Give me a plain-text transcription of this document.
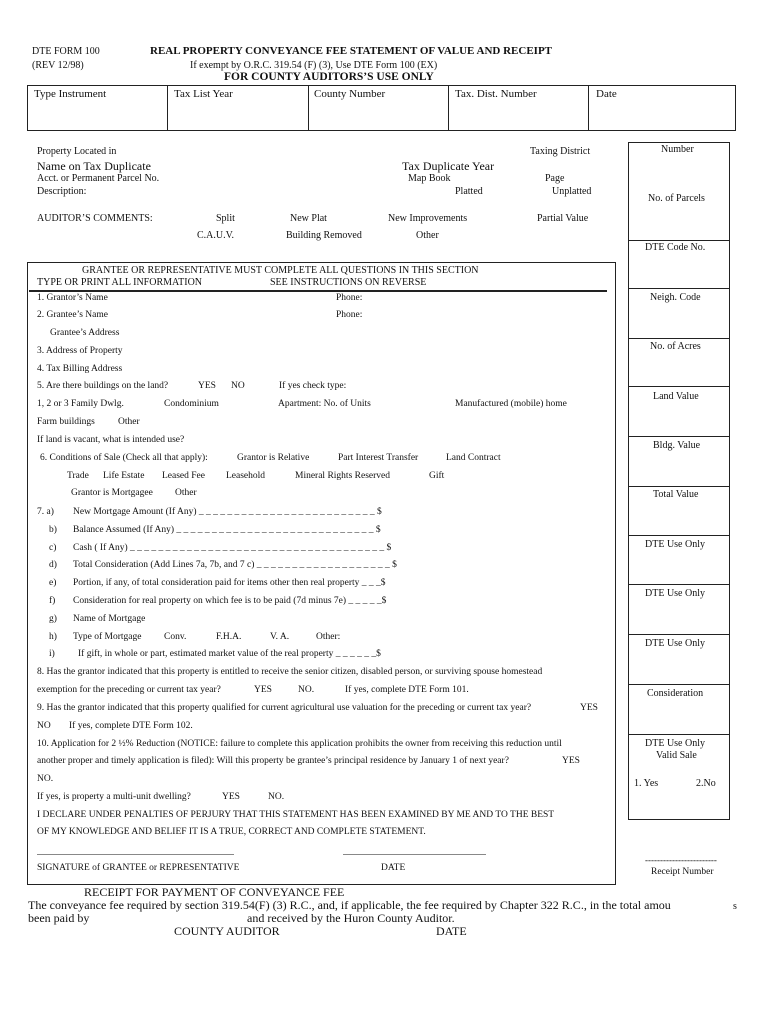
DTE FORM 100
(REV 12/98)
REAL PROPERTY CONVEYANCE FEE STATEMENT OF VALUE AND RECEIPT
If exempt by O.R.C. 319.54 (F) (3), Use DTE Form 100 (EX)
FOR COUNTY AUDITORS’S USE ONLY
Type Instrument	Tax List Year	County Number	Tax. Dist. Number	Date
Property Located in	Taxing District
Name on Tax Duplicate	Tax Duplicate Year
Acct. or Permanent Parcel No.	Map Book	Page
Description:	Platted	Unplatted
AUDITOR’S COMMENTS:	Split	New Plat	New Improvements	Partial Value
C.A.U.V.	Building Removed	Other
Number
No. of Parcels
DTE Code No.
Neigh. Code
No. of Acres
Land Value
Bldg. Value
Total Value
DTE Use Only
DTE Use Only
DTE Use Only
Consideration
DTE Use Only
Valid Sale
1. Yes	2.No
------------------------
Receipt Number
GRANTEE OR REPRESENTATIVE MUST COMPLETE ALL QUESTIONS IN THIS SECTION
TYPE OR PRINT ALL INFORMATION	SEE INSTRUCTIONS ON REVERSE
1. Grantor’s Name	Phone:
2. Grantee’s Name	Phone:
Grantee’s Address
3. Address of Property
4. Tax Billing Address
5. Are there buildings on the land?	YES NO	If yes check type:
1, 2 or 3 Family Dwlg.	Condominium	Apartment: No. of Units	Manufactured (mobile) home
Farm buildings Other
If land is vacant, what is intended use?
6. Conditions of Sale (Check all that apply):	Grantor is Relative	Part Interest Transfer	Land Contract
Trade Life Estate Leased Fee Leasehold	Mineral Rights Reserved	Gift
Grantor is Mortgagee Other
7. a) New Mortgage Amount (If Any) _ _ _ _ _ _ _ _ _ _ _ _ _ _ _ _ _ _ _ _ _ _ _ _ _ $
b) Balance Assumed (If Any) _ _ _ _ _ _ _ _ _ _ _ _ _ _ _ _ _ _ _ _ _ _ _ _ _ _ _ _ $
c) Cash ( If Any) _ _ _ _ _ _ _ _ _ _ _ _ _ _ _ _ _ _ _ _ _ _ _ _ _ _ _ _ _ _ _ _ _ _ _ _ $
d) Total Consideration (Add Lines 7a, 7b, and 7 c) _ _ _ _ _ _ _ _ _ _ _ _ _ _ _ _ _ _ _ $
e) Portion, if any, of total consideration paid for items other then real property _ _ _$
f) Consideration for real property on which fee is to be paid (7d minus 7e) _ _ _ _ _$
g) Name of Mortgage
h) Type of Mortgage Conv.	F.H.A.	V. A.	Other:
i) If gift, in whole or part, estimated market value of the real property _ _ _ _ _ _$
8. Has the grantor indicated that this property is entitled to receive the senior citizen, disabled person, or surviving spouse homestead
exemption for the preceding or current tax year?	YES	NO.	If yes, complete DTE Form 101.
9. Has the grantor indicated that this property qualified for current agricultural use valuation for the preceding or current tax year?	YES
NO If yes, complete DTE Form 102.
10. Application for 2 ½% Reduction (NOTICE: failure to complete this application prohibits the owner from receiving this reduction until
another proper and timely application is filed): Will this property be grantee’s principal residence by January 1 of next year?	YES
NO.
If yes, is property a multi-unit dwelling?	YES	NO.
I DECLARE UNDER PENALTIES OF PERJURY THAT THIS STATEMENT HAS BEEN EXAMINED BY ME AND TO THE BEST
OF MY KNOWLEDGE AND BELIEF IT IS A TRUE, CORRECT AND COMPLETE STATEMENT.
SIGNATURE of GRANTEE or REPRESENTATIVE	DATE
RECEIPT FOR PAYMENT OF CONVEYANCE FEE
The conveyance fee required by section 319.54(F) (3) R.C., and, if applicable, the fee required by Chapter 322 R.C., in the total amou	s
been paid by	and received by the Huron County Auditor.
COUNTY AUDITOR	DATE
